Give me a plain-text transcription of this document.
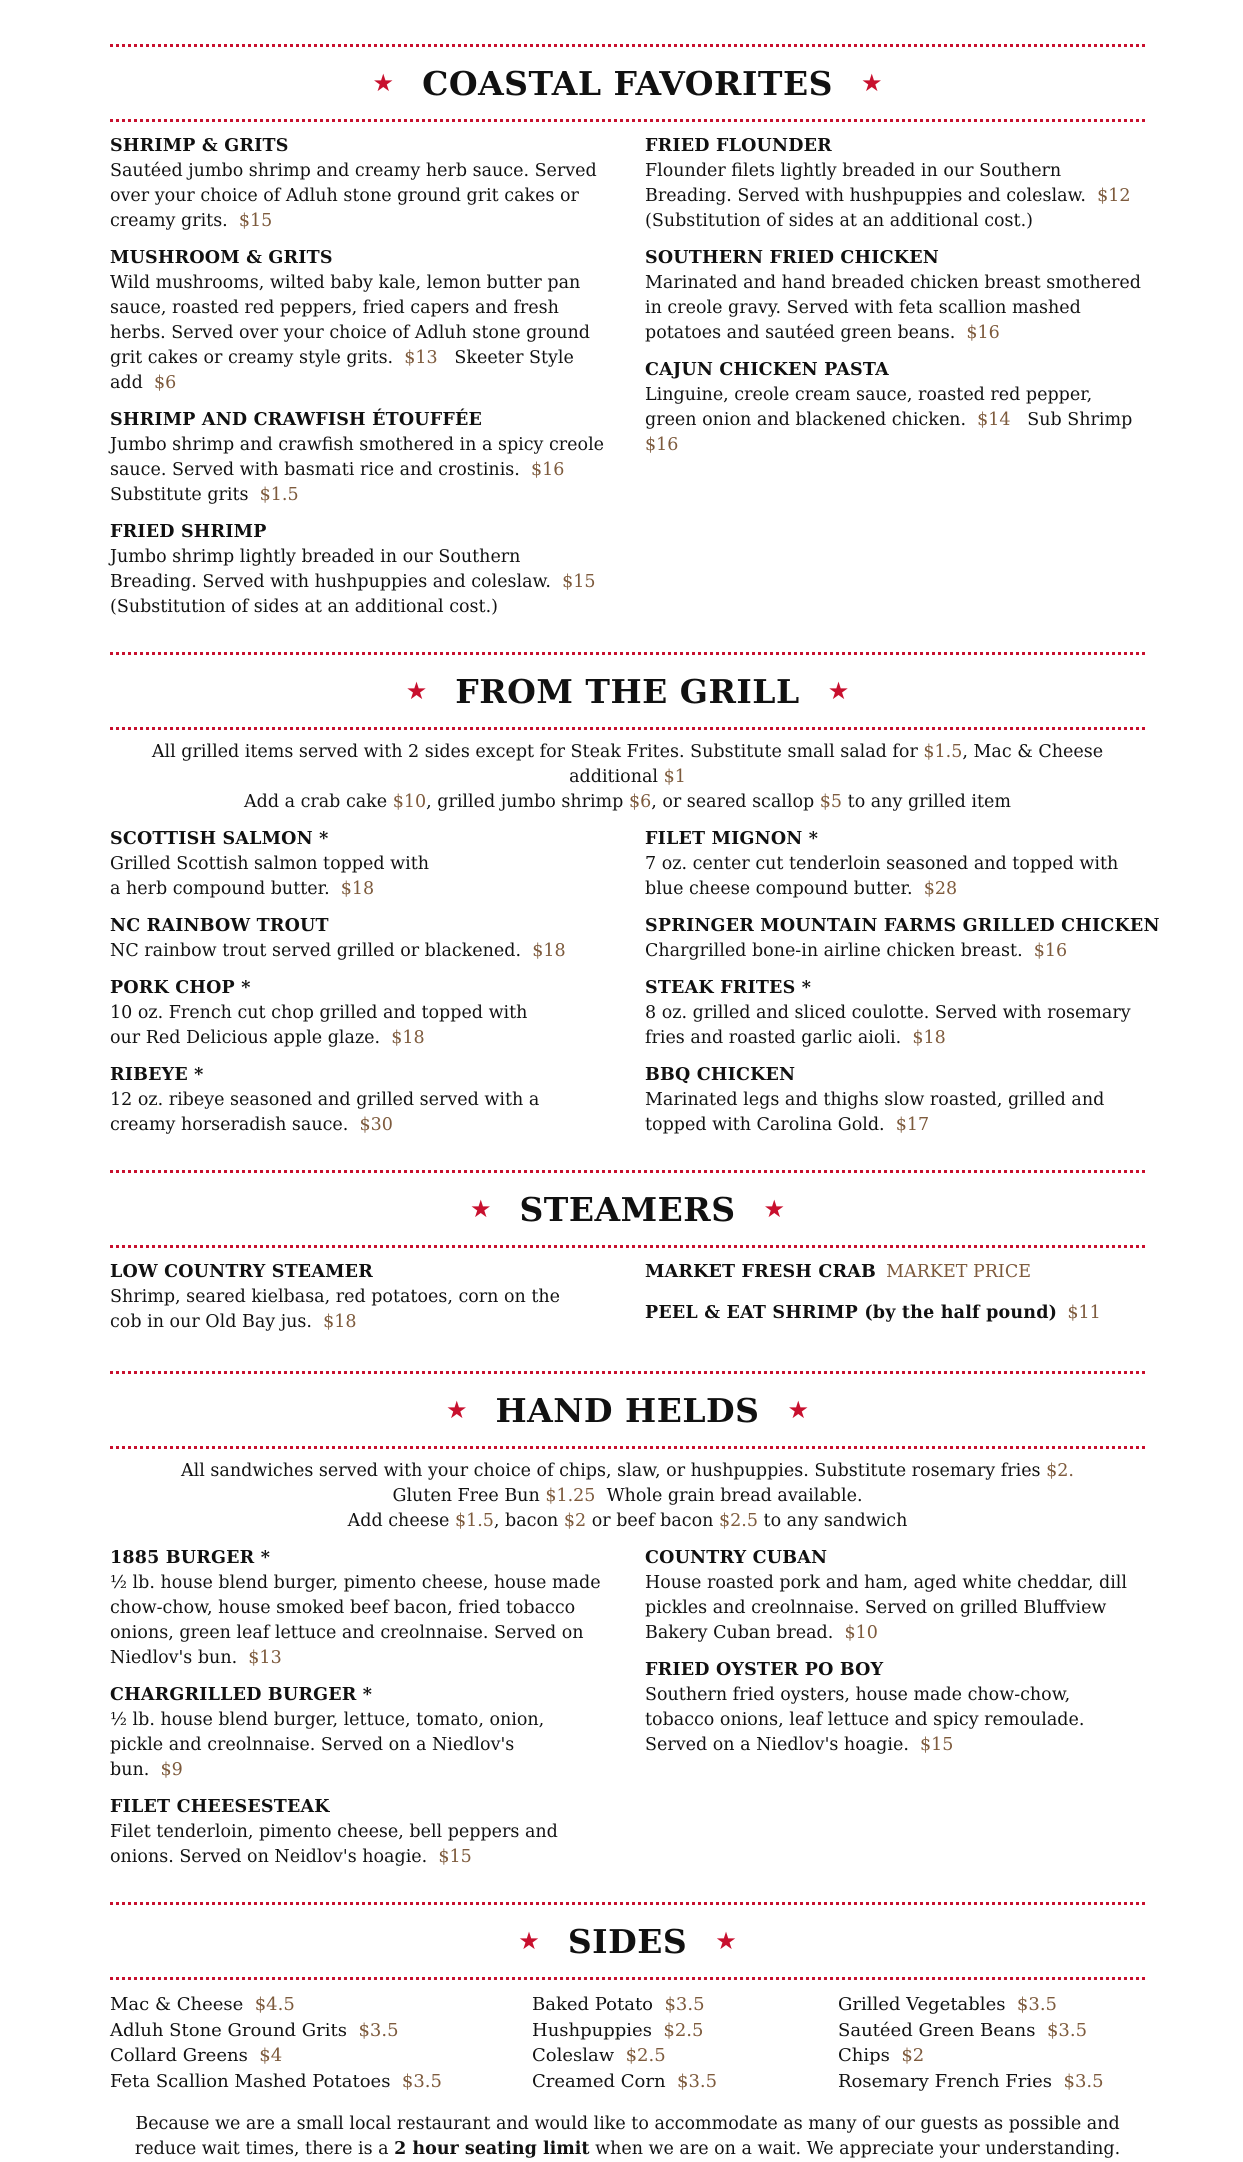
★ COASTAL FAVORITES ★
SHRIMP & GRITS
Sautéed jumbo shrimp and creamy herb sauce. Served over your choice of Adluh stone ground grit cakes or creamy grits. $15
MUSHROOM & GRITS
Wild mushrooms, wilted baby kale, lemon butter pan sauce, roasted red peppers, fried capers and fresh herbs. Served over your choice of Adluh stone ground grit cakes or creamy style grits. $13 Skeeter Style add $6
SHRIMP AND CRAWFISH ÉTOUFFÉE
Jumbo shrimp and crawfish smothered in a spicy creole sauce. Served with basmati rice and crostinis. $16
Substitute grits $1.5
FRIED SHRIMP
Jumbo shrimp lightly breaded in our Southern Breading. Served with hushpuppies and coleslaw. $15
(Substitution of sides at an additional cost.)
FRIED FLOUNDER
Flounder filets lightly breaded in our Southern Breading. Served with hushpuppies and coleslaw. $12
(Substitution of sides at an additional cost.)
SOUTHERN FRIED CHICKEN
Marinated and hand breaded chicken breast smothered in creole gravy. Served with feta scallion mashed potatoes and sautéed green beans. $16
CAJUN CHICKEN PASTA
Linguine, creole cream sauce, roasted red pepper, green onion and blackened chicken. $14 Sub Shrimp  $16
★ FROM THE GRILL ★
All grilled items served with 2 sides except for Steak Frites. Substitute small salad for $1.5, Mac & Cheese additional $1
Add a crab cake $10, grilled jumbo shrimp $6, or seared scallop $5 to any grilled item
SCOTTISH SALMON *
Grilled Scottish salmon topped with a herb compound butter. $18
NC RAINBOW TROUT
NC rainbow trout served grilled or blackened. $18
PORK CHOP *
10 oz. French cut chop grilled and topped with our Red Delicious apple glaze. $18
RIBEYE *
12 oz. ribeye seasoned and grilled served with a creamy horseradish sauce. $30
FILET MIGNON *
7 oz. center cut tenderloin seasoned and topped with blue cheese compound butter. $28
SPRINGER MOUNTAIN FARMS GRILLED CHICKEN
Chargrilled bone-in airline chicken breast. $16
STEAK FRITES *
8 oz. grilled and sliced coulotte. Served with rosemary fries and roasted garlic aioli. $18
BBQ CHICKEN
Marinated legs and thighs slow roasted, grilled and topped with Carolina Gold. $17
★ STEAMERS ★
LOW COUNTRY STEAMER
Shrimp, seared kielbasa, red potatoes, corn on the cob in our Old Bay jus. $18
MARKET FRESH CRAB MARKET PRICE
PEEL & EAT SHRIMP (by the half pound) $11
★ HAND HELDS ★
All sandwiches served with your choice of chips, slaw, or hushpuppies. Substitute rosemary fries $2.
Gluten Free Bun $1.25 Whole grain bread available.
Add cheese $1.5, bacon $2 or beef bacon $2.5 to any sandwich
1885 BURGER *
½ lb. house blend burger, pimento cheese, house made chow-chow, house smoked beef bacon, fried tobacco onions, green leaf lettuce and creolnnaise. Served on Niedlov's bun. $13
CHARGRILLED BURGER *
½ lb. house blend burger, lettuce, tomato, onion, pickle and creolnnaise. Served on a Niedlov's bun. $9
FILET CHEESESTEAK
Filet tenderloin, pimento cheese, bell peppers and onions. Served on Neidlov's hoagie. $15
COUNTRY CUBAN
House roasted pork and ham, aged white cheddar, dill pickles and creolnnaise. Served on grilled Bluffview Bakery Cuban bread. $10
FRIED OYSTER PO BOY
Southern fried oysters, house made chow-chow, tobacco onions, leaf lettuce and spicy remoulade. Served on a Niedlov's hoagie. $15
★ SIDES ★
Mac & Cheese $4.5
Adluh Stone Ground Grits $3.5
Collard Greens $4
Feta Scallion Mashed Potatoes $3.5
Baked Potato $3.5
Hushpuppies $2.5
Coleslaw $2.5
Creamed Corn $3.5
Grilled Vegetables $3.5
Sautéed Green Beans $3.5
Chips $2
Rosemary French Fries $3.5
Because we are a small local restaurant and would like to accommodate as many of our guests as possible and reduce wait times, there is a 2 hour seating limit when we are on a wait. We appreciate your understanding.
